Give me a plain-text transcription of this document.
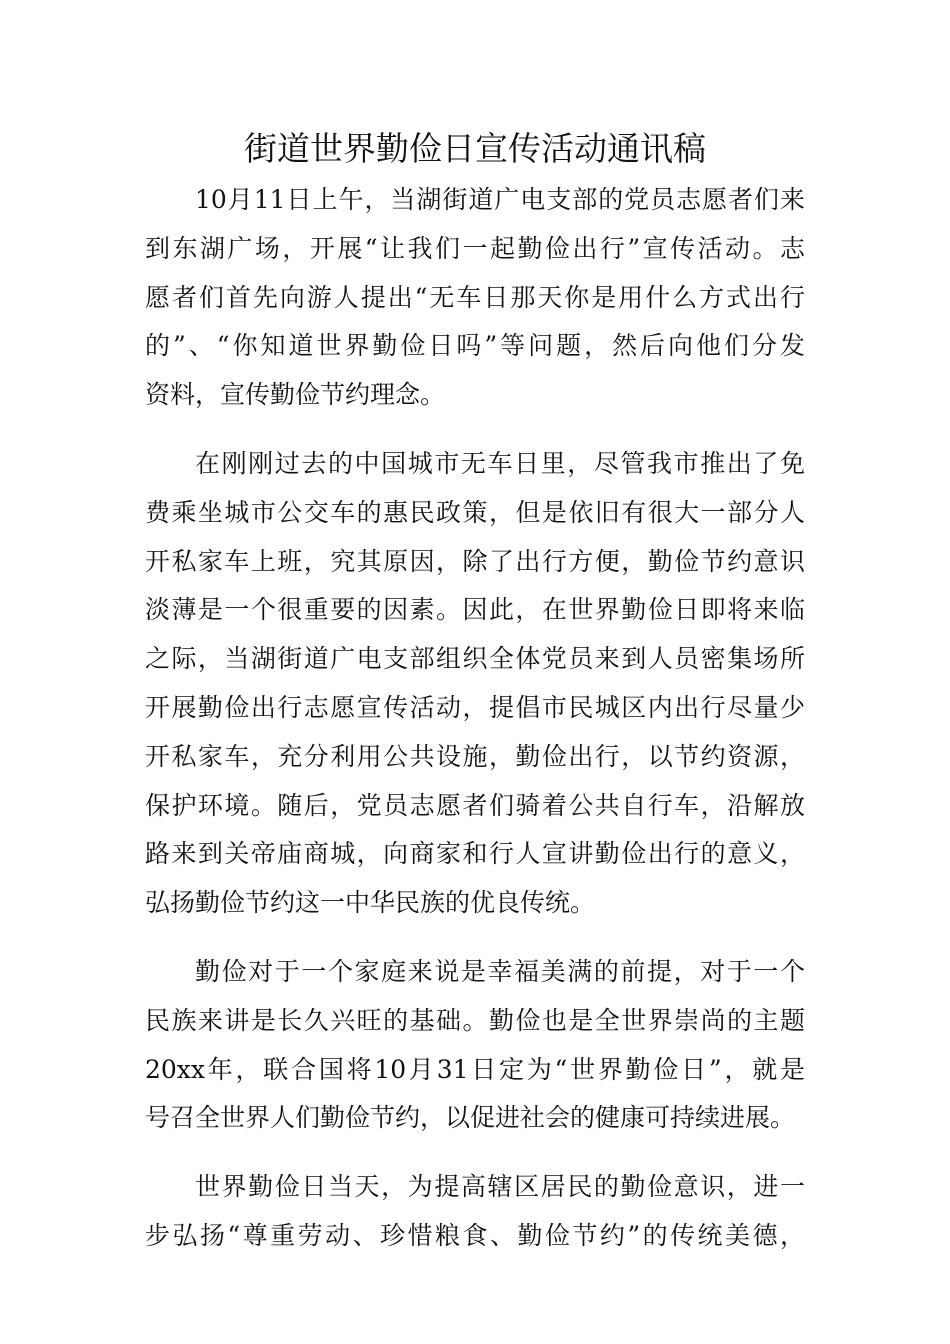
街道世界勤俭日宣传活动通讯稿
10月11日上午，当湖街道广电支部的党员志愿者们来
到东湖广场，开展“让我们一起勤俭出行”宣传活动。志
愿者们首先向游人提出“无车日那天你是用什么方式出行
的”、“你知道世界勤俭日吗”等问题，然后向他们分发
资料，宣传勤俭节约理念。
在刚刚过去的中国城市无车日里，尽管我市推出了免
费乘坐城市公交车的惠民政策，但是依旧有很大一部分人
开私家车上班，究其原因，除了出行方便，勤俭节约意识
淡薄是一个很重要的因素。因此，在世界勤俭日即将来临
之际，当湖街道广电支部组织全体党员来到人员密集场所
开展勤俭出行志愿宣传活动，提倡市民城区内出行尽量少
开私家车，充分利用公共设施，勤俭出行，以节约资源，
保护环境。随后，党员志愿者们骑着公共自行车，沿解放
路来到关帝庙商城，向商家和行人宣讲勤俭出行的意义，
弘扬勤俭节约这一中华民族的优良传统。
勤俭对于一个家庭来说是幸福美满的前提，对于一个
民族来讲是长久兴旺的基础。勤俭也是全世界崇尚的主题
20xx年，联合国将10月31日定为“世界勤俭日”，就是
号召全世界人们勤俭节约，以促进社会的健康可持续进展。
世界勤俭日当天，为提高辖区居民的勤俭意识，进一
步弘扬“尊重劳动、珍惜粮食、勤俭节约”的传统美德，
